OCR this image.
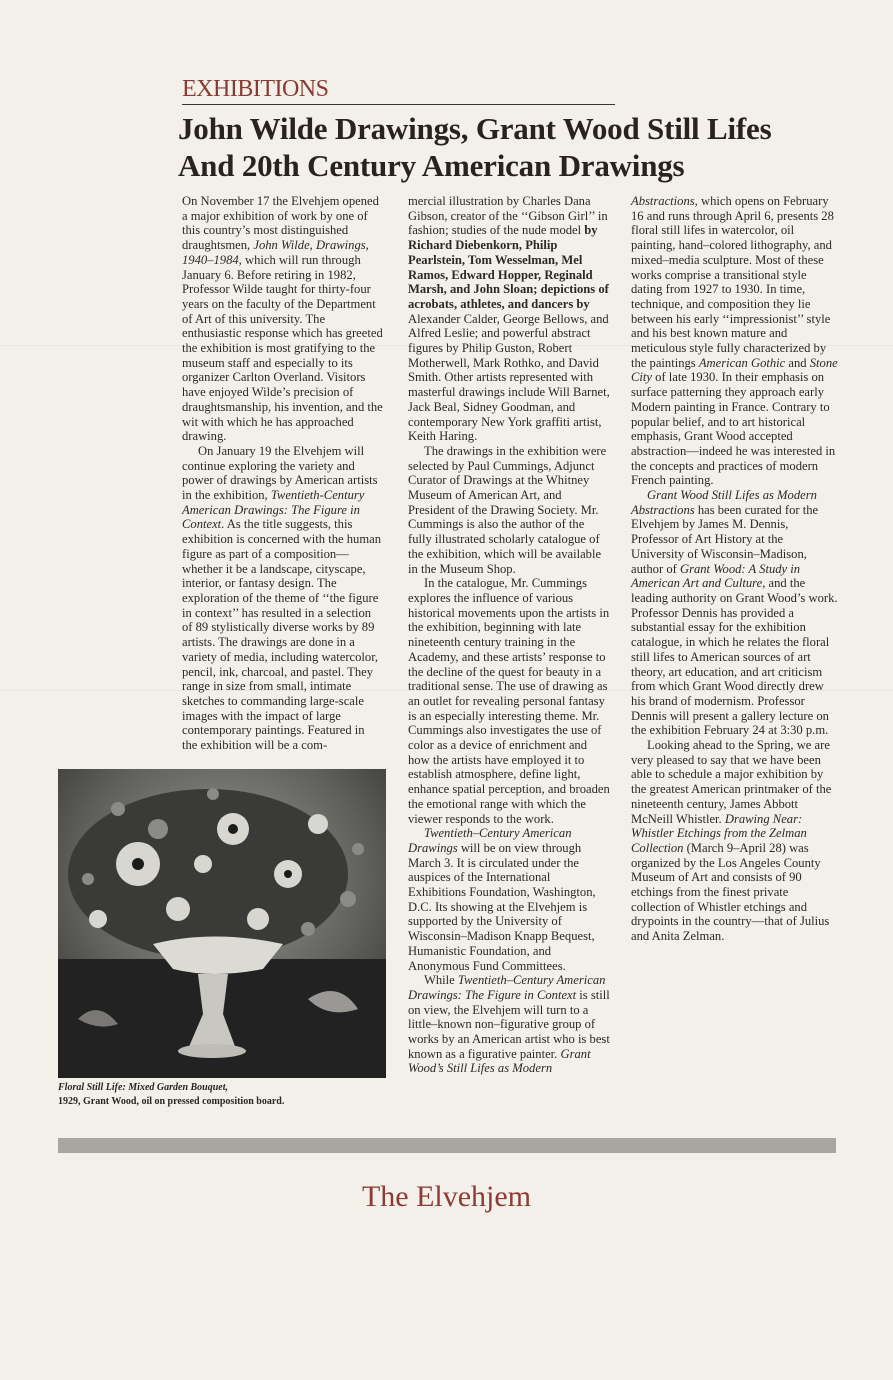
EXHIBITIONS
John Wilde Drawings, Grant Wood Still Lifes
And 20th Century American Drawings

On November 17 the Elvehjem opened a major exhibition of work by one of this country’s most distinguished draughtsmen, John Wilde, Drawings, 1940–1984, which will run through January 6. Before retiring in 1982, Professor Wilde taught for thirty-four years on the faculty of the Department of Art of this university. The enthusiastic response which has greeted the exhibition is most gratifying to the museum staff and especially to its organizer Carlton Overland. Visitors have enjoyed Wilde’s precision of draughtsmanship, his invention, and the wit with which he has approached drawing.

On January 19 the Elvehjem will continue exploring the variety and power of drawings by American artists in the exhibition, Twentieth-Century American Drawings: The Figure in Context. As the title suggests, this exhibition is concerned with the human figure as part of a composition—whether it be a landscape, cityscape, interior, or fantasy design. The exploration of the theme of ‘‘the figure in context’’ has resulted in a selection of 89 stylistically diverse works by 89 artists. The drawings are done in a variety of media, including watercolor, pencil, ink, charcoal, and pastel. They range in size from small, intimate sketches to commanding large-scale images with the impact of large contemporary paintings. Featured in the exhibition will be a com-

mercial illustration by Charles Dana Gibson, creator of the ‘‘Gibson Girl’’ in fashion; studies of the nude model by Richard Diebenkorn, Philip Pearlstein, Tom Wesselman, Mel Ramos, Edward Hopper, Reginald Marsh, and John Sloan; depictions of acrobats, athletes, and dancers by Alexander Calder, George Bellows, and Alfred Leslie; and powerful abstract figures by Philip Guston, Robert Motherwell, Mark Rothko, and David Smith. Other artists represented with masterful drawings include Will Barnet, Jack Beal, Sidney Goodman, and contemporary New York graffiti artist, Keith Haring.

The drawings in the exhibition were selected by Paul Cummings, Adjunct Curator of Drawings at the Whitney Museum of American Art, and President of the Drawing Society. Mr. Cummings is also the author of the fully illustrated scholarly catalogue of the exhibition, which will be available in the Museum Shop.

In the catalogue, Mr. Cummings explores the influence of various historical movements upon the artists in the exhibition, beginning with late nineteenth century training in the Academy, and these artists’ response to the decline of the quest for beauty in a traditional sense. The use of drawing as an outlet for revealing personal fantasy is an especially interesting theme. Mr. Cummings also investigates the use of color as a device of enrichment and how the artists have employed it to establish atmosphere, define light, enhance spatial perception, and broaden the emotional range with which the viewer responds to the work.

Twentieth–Century American Drawings will be on view through March 3. It is circulated under the auspices of the International Exhibitions Foundation, Washington, D.C. Its showing at the Elvehjem is supported by the University of Wisconsin–Madison Knapp Bequest, Humanistic Foundation, and Anonymous Fund Committees.

While Twentieth–Century American Drawings: The Figure in Context is still on view, the Elvehjem will turn to a little–known non–figurative group of works by an American artist who is best known as a figurative painter. Grant Wood’s Still Lifes as Modern

Abstractions, which opens on February 16 and runs through April 6, presents 28 floral still lifes in watercolor, oil painting, hand–colored lithography, and mixed–media sculpture. Most of these works comprise a transitional style dating from 1927 to 1930. In time, technique, and composition they lie between his early ‘‘impressionist’’ style and his best known mature and meticulous style fully characterized by the paintings American Gothic and Stone City of late 1930. In their emphasis on surface patterning they approach early Modern painting in France. Contrary to popular belief, and to art historical emphasis, Grant Wood accepted abstraction—indeed he was interested in the concepts and practices of modern French painting.

Grant Wood Still Lifes as Modern Abstractions has been curated for the Elvehjem by James M. Dennis, Professor of Art History at the University of Wisconsin–Madison, author of Grant Wood: A Study in American Art and Culture, and the leading authority on Grant Wood’s work. Professor Dennis has provided a substantial essay for the exhibition catalogue, in which he relates the floral still lifes to American sources of art theory, art education, and art criticism from which Grant Wood directly drew his brand of modernism. Professor Dennis will present a gallery lecture on the exhibition February 24 at 3:30 p.m.

Looking ahead to the Spring, we are very pleased to say that we have been able to schedule a major exhibition by the greatest American printmaker of the nineteenth century, James Abbott McNeill Whistler. Drawing Near: Whistler Etchings from the Zelman Collection (March 9–April 28) was organized by the Los Angeles County Museum of Art and consists of 90 etchings from the finest private collection of Whistler etchings and drypoints in the country—that of Julius and Anita Zelman.

Floral Still Life: Mixed Garden Bouquet,
1929, Grant Wood, oil on pressed composition board.
The Elvehjem
